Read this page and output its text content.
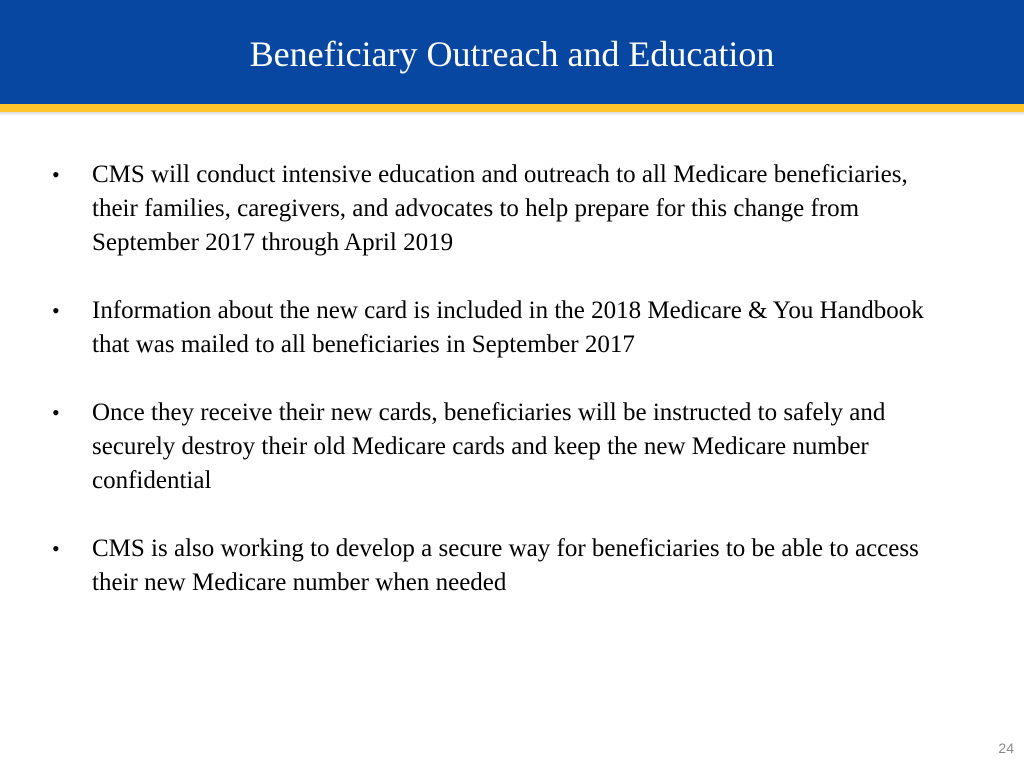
Beneficiary Outreach and Education
•	CMS will conduct intensive education and outreach to all Medicare beneficiaries, their families, caregivers, and advocates to help prepare for this change from September 2017 through April 2019
•	Information about the new card is included in the 2018 Medicare & You Handbook that was mailed to all beneficiaries in September 2017
•	Once they receive their new cards, beneficiaries will be instructed to safely and securely destroy their old Medicare cards and keep the new Medicare number confidential
•	CMS is also working to develop a secure way for beneficiaries to be able to access their new Medicare number when needed
24
